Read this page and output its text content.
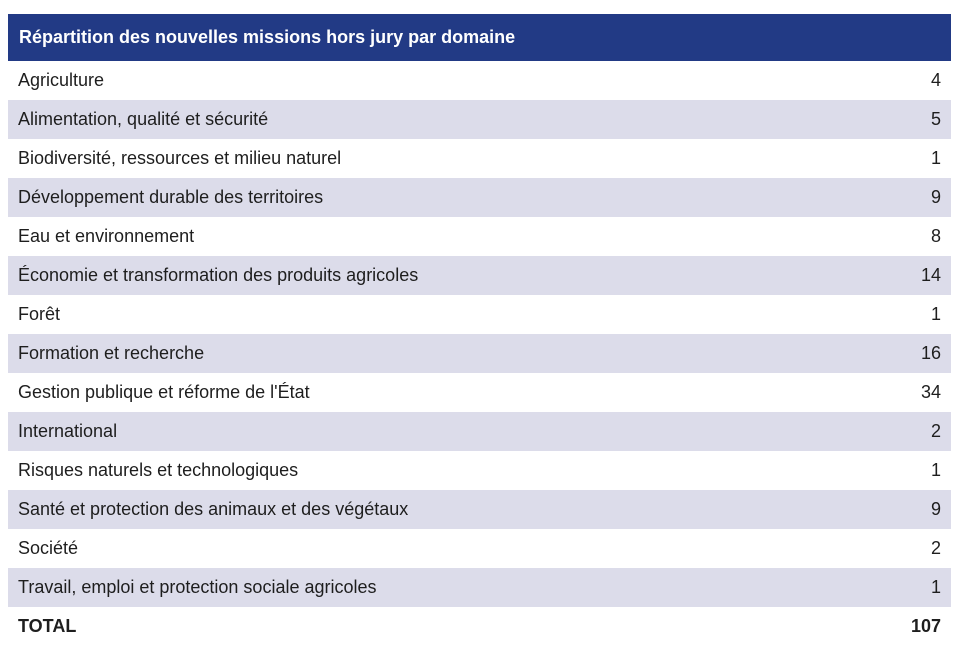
Répartition des nouvelles missions hors jury par domaine
Agriculture	4
Alimentation, qualité et sécurité	5
Biodiversité, ressources et milieu naturel	1
Développement durable des territoires	9
Eau et environnement	8
Économie et transformation des produits agricoles	14
Forêt	1
Formation et recherche	16
Gestion publique et réforme de l'État	34
International	2
Risques naturels et technologiques	1
Santé et protection des animaux et des végétaux	9
Société	2
Travail, emploi et protection sociale agricoles	1
TOTAL	107
